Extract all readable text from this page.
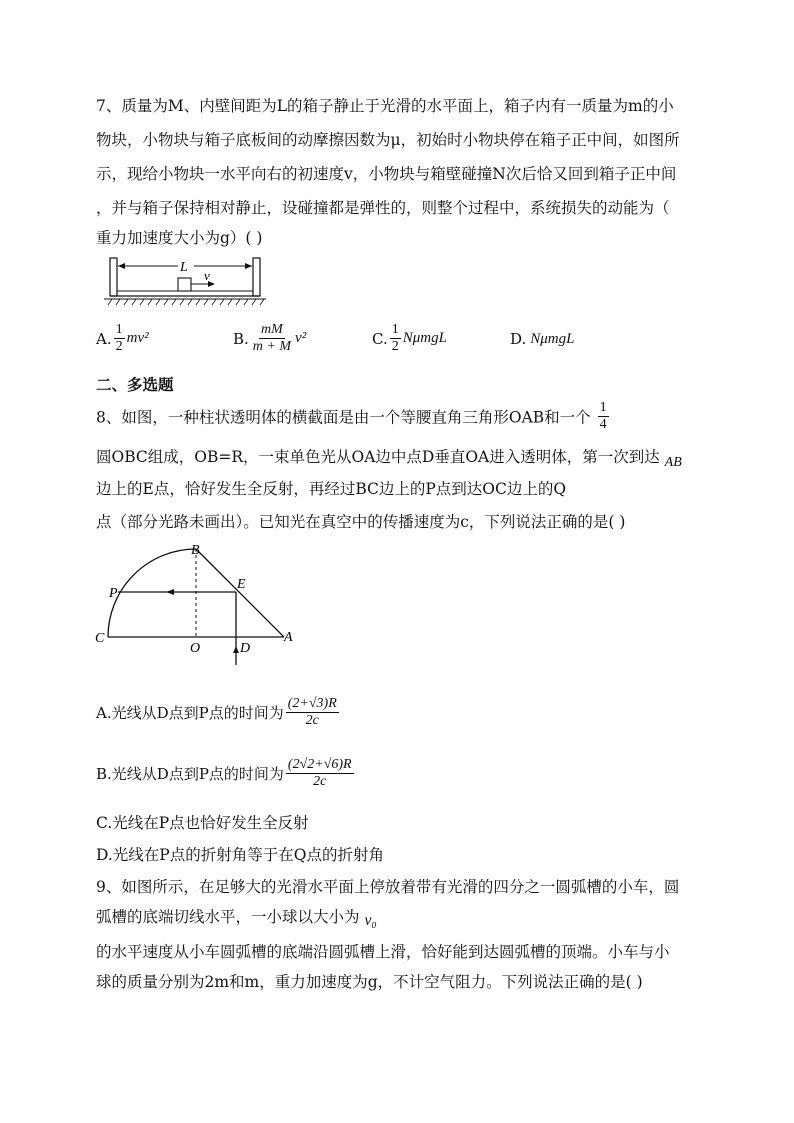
7、质量为M、内壁间距为L的箱子静止于光滑的水平面上，箱子内有一质量为m的小
物块，小物块与箱子底板间的动摩擦因数为μ，初始时小物块停在箱子正中间，如图所
示，现给小物块一水平向右的初速度v，小物块与箱壁碰撞N次后恰又回到箱子正中间
，并与箱子保持相对静止，设碰撞都是弹性的，则整个过程中，系统损失的动能为（
重力加速度大小为g）( )
L
v
A. $\frac{1}{2} mv^2$	B. $\frac{mM}{m + M} v^2$	C. $\frac{1}{2}$ NμmgL	D. NμmgL
二、多选题
8、如图，一种柱状透明体的横截面是由一个等腰直角三角形OAB和一个 $\frac{1}{4}$
圆OBC组成，OB=R，一束单色光从OA边中点D垂直OA进入透明体，第一次到达 AB
边上的E点，恰好发生全反射，再经过BC边上的P点到达OC边上的Q
点（部分光路未画出）。已知光在真空中的传播速度为c，下列说法正确的是( )
B
P
E
C
O	D
A
A.光线从D点到P点的时间为 $\frac{(2+√3)R}{2c}$
B.光线从D点到P点的时间为 $\frac{(2√2+√6)R}{2c}$
C.光线在P点也恰好发生全反射
D.光线在P点的折射角等于在Q点的折射角
9、如图所示，在足够大的光滑水平面上停放着带有光滑的四分之一圆弧槽的小车，圆
弧槽的底端切线水平，一小球以大小为 v₀
的水平速度从小车圆弧槽的底端沿圆弧槽上滑，恰好能到达圆弧槽的顶端。小车与小
球的质量分别为2m和m，重力加速度为g，不计空气阻力。下列说法正确的是( )
